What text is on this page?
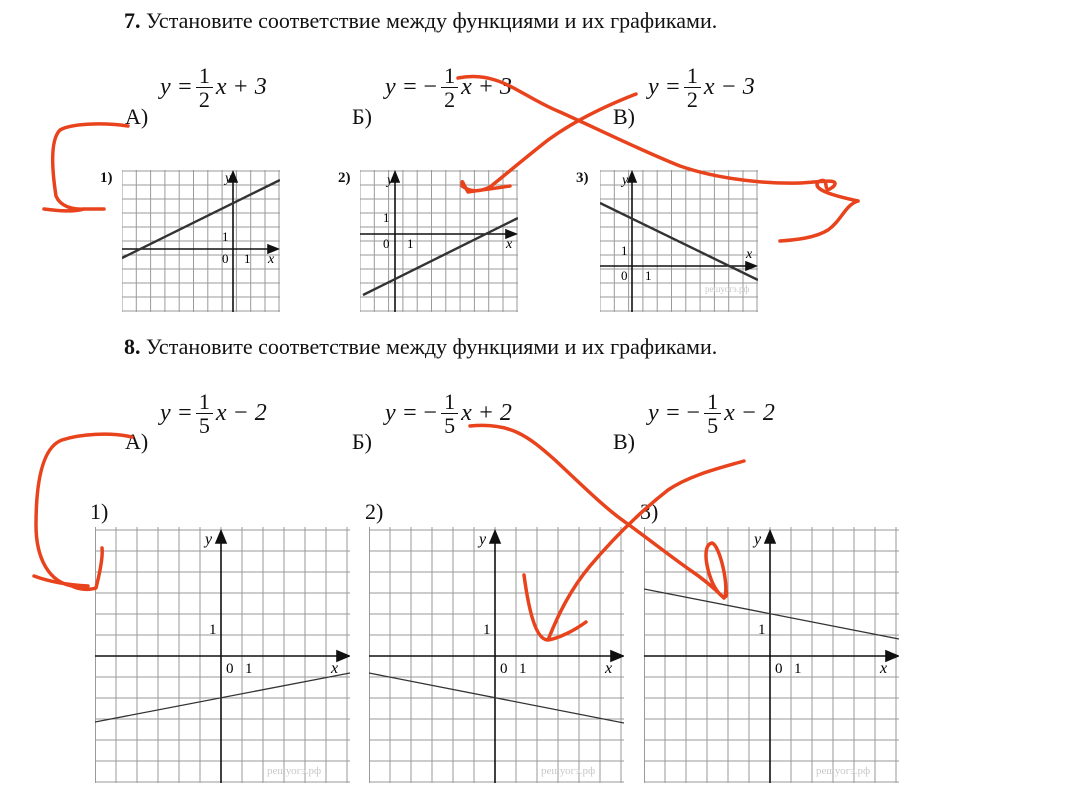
7. Установите соответствие между функциями и их графиками.
А)	Б)	В)
$y = \frac{1}{2}$ x + 3	y = − $\frac{1}{2}$ x + 3	$y = \frac{1}{2}$ x − 3
1)	2)	3)
y
x
1
0 1
y
x
1
0 1
y
x
1
0 1
решуогэ.рф
8. Установите соответствие между функциями и их графиками.
А)	Б)	В)
$y = \frac{1}{5}$ x − 2	y = − $\frac{1}{5}$ x + 2	y = − $\frac{1}{5}$ x − 2
1)	2)	3)
y
x
1
0 1
решуогэ.рф
y
x
1
0 1
решуогэ.рф
y
x
1
0 1
решуогэ.рф
